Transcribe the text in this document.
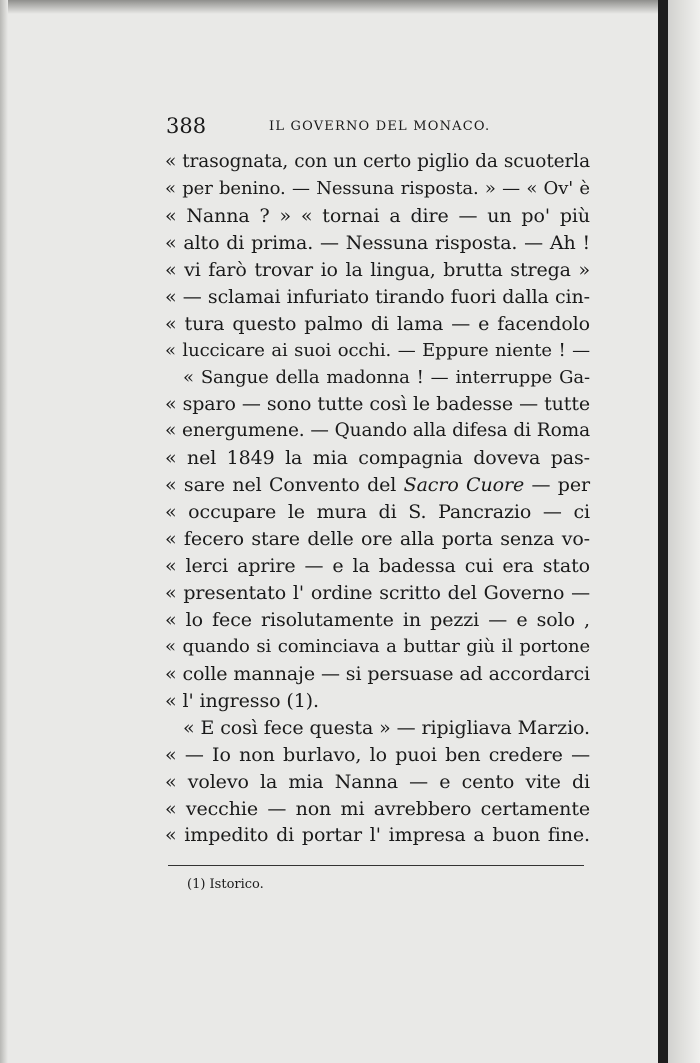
388	IL GOVERNO DEL MONACO.
« trasognata, con un certo piglio da scuoterla
« per benino. — Nessuna risposta. » — « Ov' è
« Nanna ? » « tornai a dire — un po' più
« alto di prima. — Nessuna risposta. — Ah !
« vi farò trovar io la lingua, brutta strega »
« — sclamai infuriato tirando fuori dalla cin-
« tura questo palmo di lama — e facendolo
« luccicare ai suoi occhi. — Eppure niente ! —
« Sangue della madonna ! — interruppe Ga-
« sparo — sono tutte così le badesse — tutte
« energumene. — Quando alla difesa di Roma
« nel 1849 la mia compagnia doveva pas-
« sare nel Convento del Sacro Cuore — per
« occupare le mura di S. Pancrazio — ci
« fecero stare delle ore alla porta senza vo-
« lerci aprire — e la badessa cui era stato
« presentato l' ordine scritto del Governo —
« lo fece risolutamente in pezzi — e solo ,
« quando si cominciava a buttar giù il portone
« colle mannaje — si persuase ad accordarci
« l' ingresso (1).
« E così fece questa » — ripigliava Marzio.
« — Io non burlavo, lo puoi ben credere —
« volevo la mia Nanna — e cento vite di
« vecchie — non mi avrebbero certamente
« impedito di portar l' impresa a buon fine.
(1) Istorico.
